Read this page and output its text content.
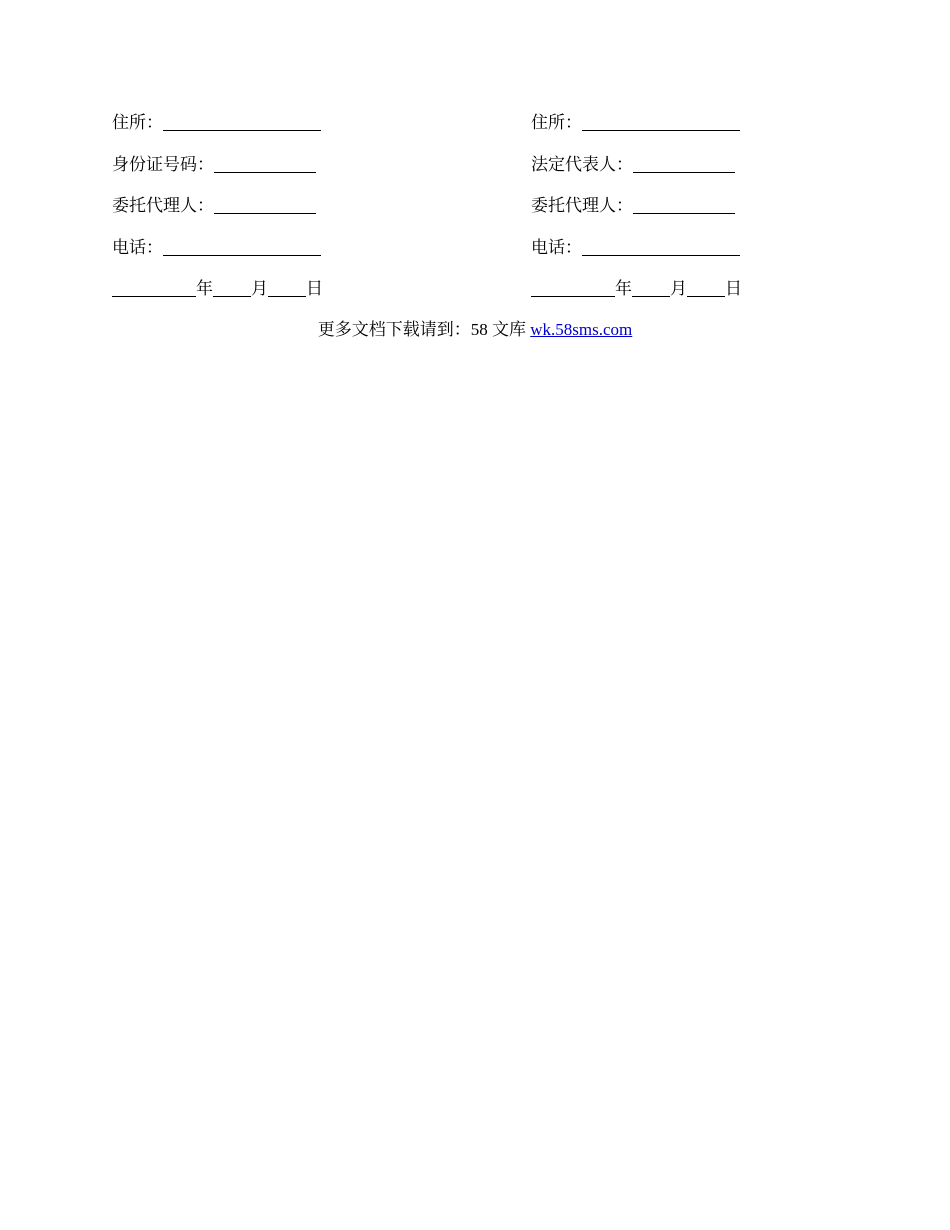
住所：
身份证号码：
委托代理人：
电话：
年 月 日
住所：
法定代表人：
委托代理人：
电话：
年 月 日
更多文档下载请到：58 文库 wk.58sms.com
